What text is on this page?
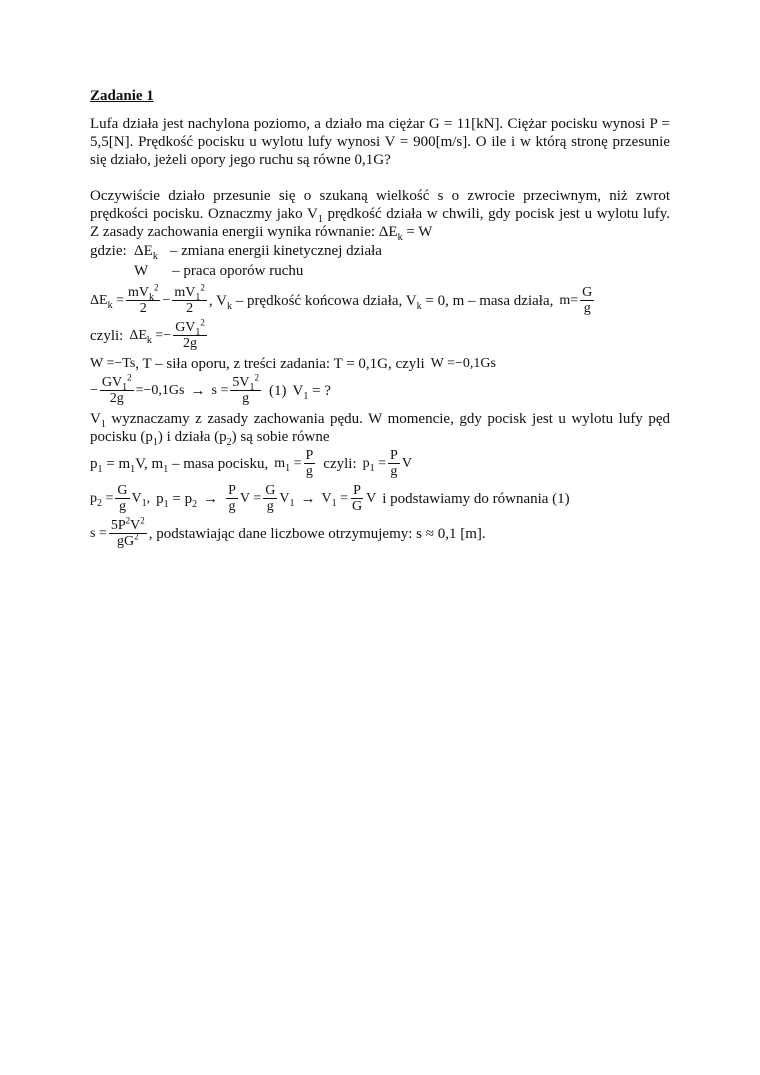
Zadanie 1

Lufa działa jest nachylona poziomo, a działo ma ciężar G = 11[kN]. Ciężar pocisku wynosi P = 5,5[N]. Prędkość pocisku u wylotu lufy wynosi V = 900[m/s]. O ile i w którą stronę przesunie się działo, jeżeli opory jego ruchu są równe 0,1G?

Oczywiście działo przesunie się o szukaną wielkość s o zwrocie przeciwnym, niż zwrot prędkości pocisku. Oznaczmy jako $V_1$ prędkość działa w chwili, gdy pocisk jest u wylotu lufy. Z zasady zachowania energii wynika równanie: $\Delta E_k = W$

gdzie: $\Delta E_k$ – zmiana energii kinetycznej działa
W – praca oporów ruchu
$\Delta E_k = \frac{mV_k^2}{2} - \frac{mV_1^2}{2}$ , $V_k$ – prędkość końcowa działa, $V_k = 0$, m – masa działa, $m = \frac{G}{g}$
czyli: $\Delta E_k =- \frac{GV_1^2}{2g}$
W =−Ts , T – siła oporu, z treści zadania: T = 0,1G, czyli W =−0,1Gs
− $\frac{GV_1^2}{2g} =-0,1Gs \to s = \frac{5V_1^2}{g} (1) V_1$ = ?

$V_1$ wyznaczamy z zasady zachowania pędu. W momencie, gdy pocisk jest u wylotu lufy pęd pocisku $(p_1)$ i działa $(p_2)$ są sobie równe

$p_1 = m_1V$, $m_1$ – masa pocisku, $m_1 = \frac{P}{g}$ czyli: $p_1 = \frac{P}{g}$ V
$p_2 = \frac{G}{g} V_1$, $p_1 = p_2 \to \frac{P}{g}$ $V = \frac{G}{g} V_1 \to V_1 = \frac{P}{G}$ V i podstawiamy do równania (1)
$s = \frac{5P^2V^2}{gG^2}$ , podstawiając dane liczbowe otrzymujemy: s ≈ 0,1 [m].
